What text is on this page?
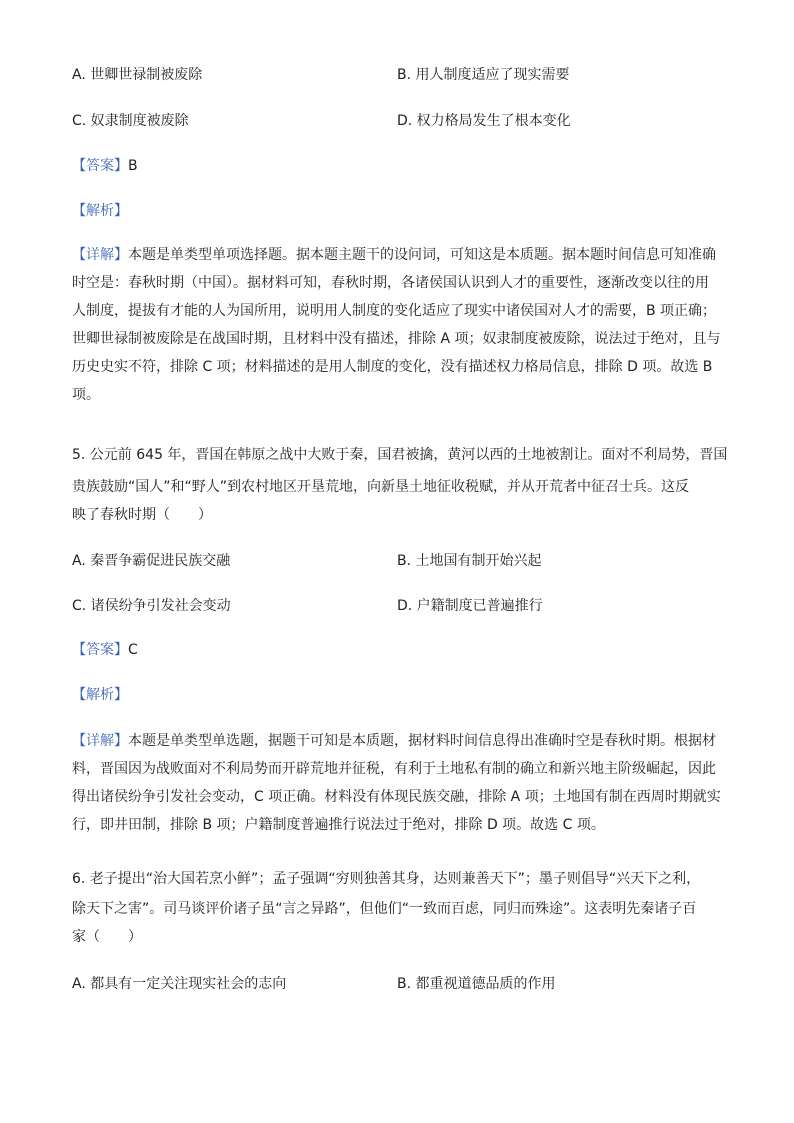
A. 世卿世禄制被废除	B. 用人制度适应了现实需要
C. 奴隶制度被废除	D. 权力格局发生了根本变化
【答案】B
【解析】
【详解】本题是单类型单项选择题。据本题主题干的设问词，可知这是本质题。据本题时间信息可知准确
时空是：春秋时期（中国）。据材料可知，春秋时期，各诸侯国认识到人才的重要性，逐渐改变以往的用
人制度，提拔有才能的人为国所用，说明用人制度的变化适应了现实中诸侯国对人才的需要，B 项正确；
世卿世禄制被废除是在战国时期，且材料中没有描述，排除 A 项；奴隶制度被废除，说法过于绝对，且与
历史史实不符，排除 C 项；材料描述的是用人制度的变化，没有描述权力格局信息，排除 D 项。故选 B
项。
5. 公元前 645 年，晋国在韩原之战中大败于秦，国君被擒，黄河以西的土地被割让。面对不利局势，晋国
贵族鼓励“国人”和“野人”到农村地区开垦荒地，向新垦土地征收税赋，并从开荒者中征召士兵。这反
映了春秋时期（　　）
A. 秦晋争霸促进民族交融	B. 土地国有制开始兴起
C. 诸侯纷争引发社会变动	D. 户籍制度已普遍推行
【答案】C
【解析】
【详解】本题是单类型单选题，据题干可知是本质题，据材料时间信息得出准确时空是春秋时期。根据材
料，晋国因为战败面对不利局势而开辟荒地并征税，有利于土地私有制的确立和新兴地主阶级崛起，因此
得出诸侯纷争引发社会变动，C 项正确。材料没有体现民族交融，排除 A 项；土地国有制在西周时期就实
行，即井田制，排除 B 项；户籍制度普遍推行说法过于绝对，排除 D 项。故选 C 项。
6. 老子提出“治大国若烹小鲜”；孟子强调“穷则独善其身，达则兼善天下”；墨子则倡导“兴天下之利，
除天下之害”。司马谈评价诸子虽“言之异路”，但他们“一致而百虑，同归而殊途”。这表明先秦诸子百
家（　　）
A. 都具有一定关注现实社会的志向	B. 都重视道德品质的作用
